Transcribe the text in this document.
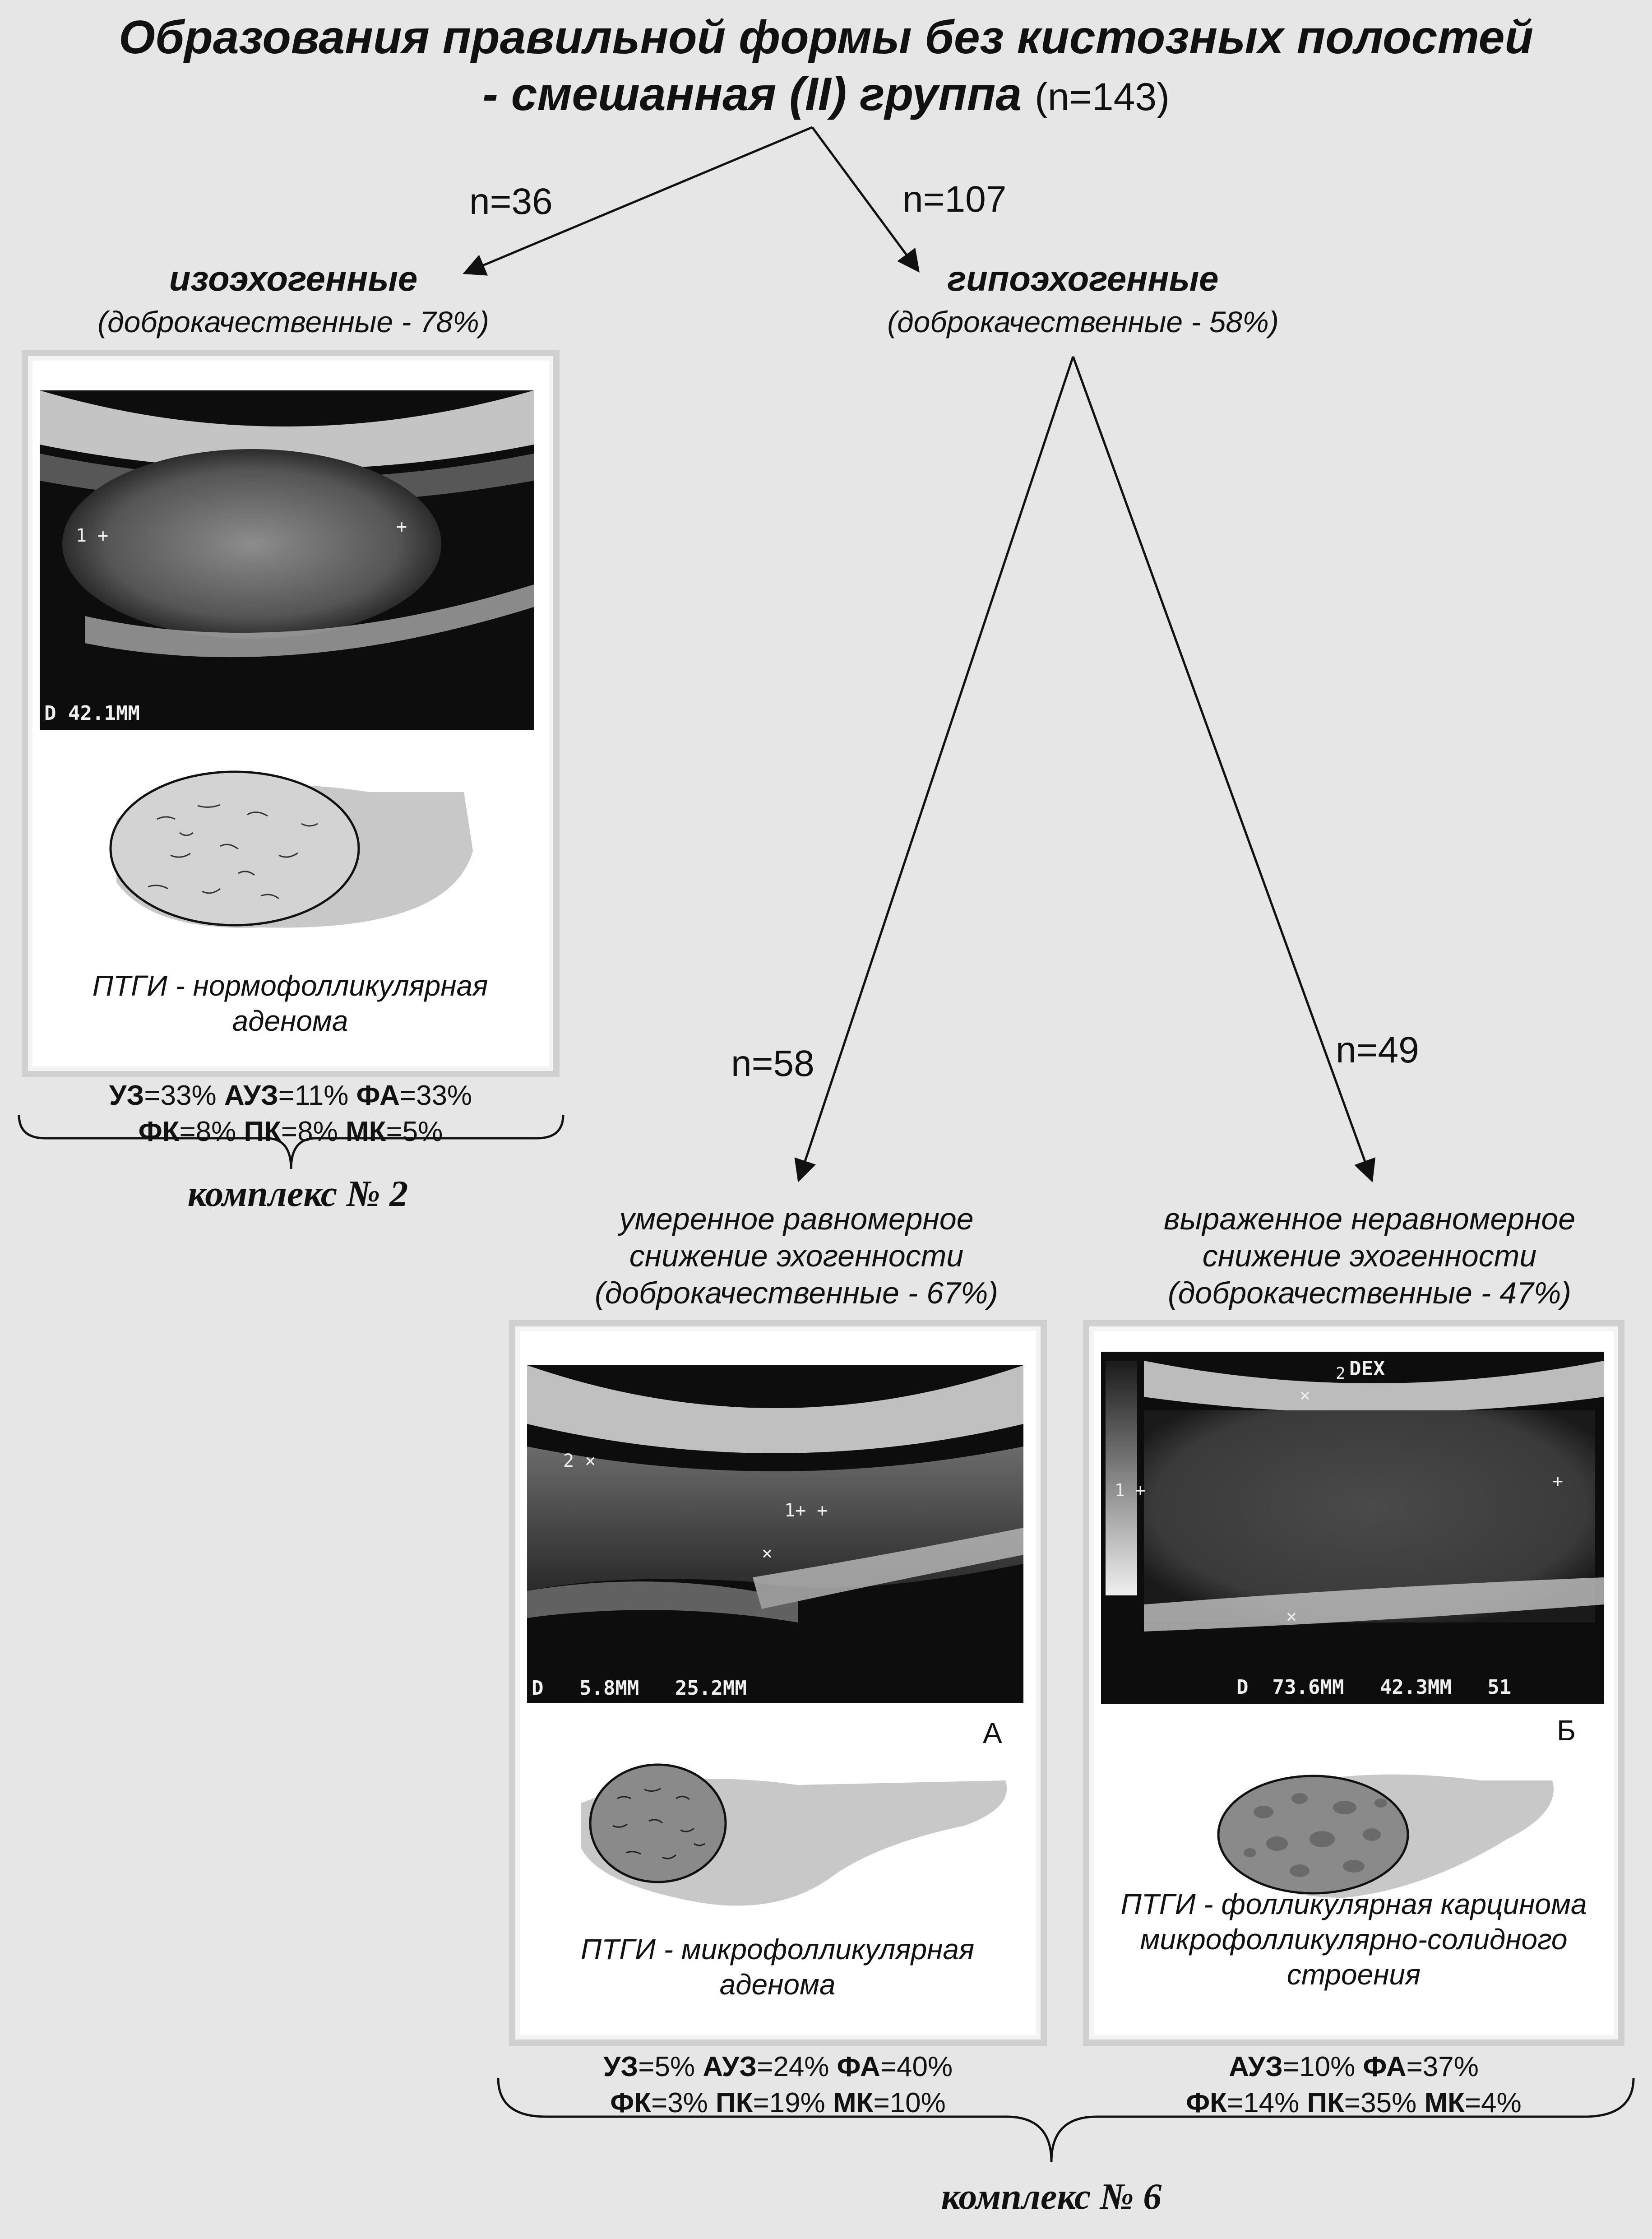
Образования правильной формы без кистозных полостей
- смешанная (II) группа (n=143)
n=36	n=107
изоэхогенные
(доброкачественные - 78%)
гипоэхогенные
(доброкачественные - 58%)
1 +	+
D 42.1MM
ПТГИ - нормофолликулярная аденома
УЗ=33% АУЗ=11% ФА=33%
ФК=8% ПК=8% МК=5%
комплекс № 2
n=58	n=49
умеренное равномерное
снижение эхогенности
(доброкачественные - 67%)
выраженное неравномерное
снижение эхогенности
(доброкачественные - 47%)
2 ×
1+ +
×
D   5.8MM   25.2MM
А
ПТГИ - микрофолликулярная аденома
УЗ=5% АУЗ=24% ФА=40%
ФК=3% ПК=19% МК=10%
2
×
1 +	+
×
DEX
D  73.6MM   42.3MM   51
Б
ПТГИ - фолликулярная карцинома микрофолликулярно-солидного строения
АУЗ=10% ФА=37%
ФК=14% ПК=35% МК=4%
комплекс № 6
